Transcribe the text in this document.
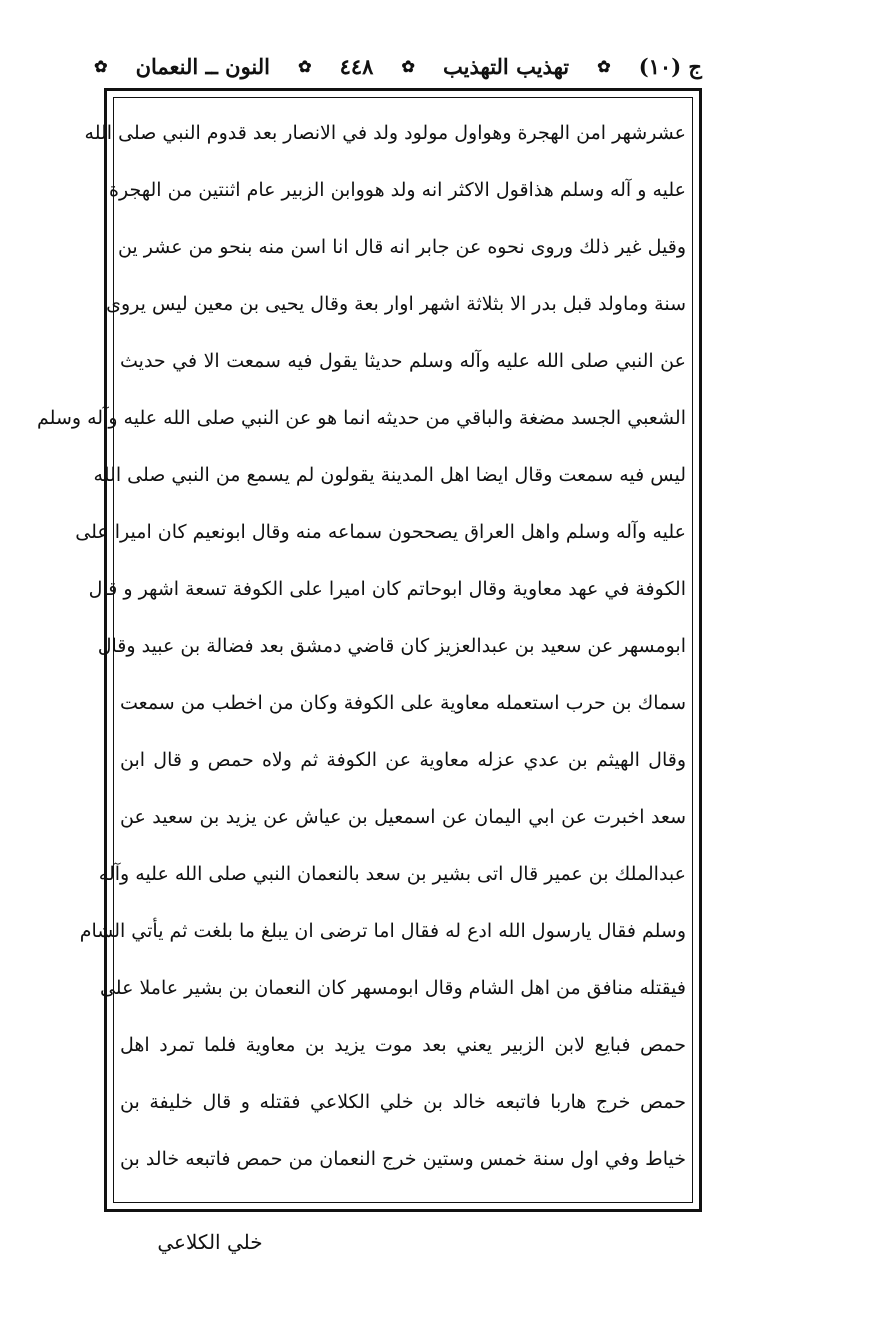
ج (١٠)
✿
تهذيب التهذيب
✿
٤٤٨
✿
النون ــ النعمان
✿
عشرشهر امن الهجرة وهواول مولود ولد في الانصار بعد قدوم النبي صلى الله
عليه و آله وسلم هذاقول الاكثر انه ولد هووابن الزبير عام اثنتين من الهجرة
وقيل غير ذلك وروى نحوه عن جابر انه قال انا اسن منه بنحو من عشر ين
سنة وماولد قبل بدر الا بثلاثة اشهر اوار بعة وقال يحيى بن معين ليس يروى
عن النبي صلى الله عليه وآله وسلم حديثا يقول فيه سمعت الا في حديث
الشعبي الجسد مضغة والباقي من حديثه انما هو عن النبي صلى الله عليه وآله وسلم
ليس فيه سمعت وقال ايضا اهل المدينة يقولون لم يسمع من النبي صلى الله
عليه وآله وسلم واهل العراق يصححون سماعه منه وقال ابونعيم كان اميرا على
الكوفة في عهد معاوية وقال ابوحاتم كان اميرا على الكوفة تسعة اشهر و قال
ابومسهر عن سعيد بن عبدالعزيز كان قاضي دمشق بعد فضالة بن عبيد وقال
سماك بن حرب استعمله معاوية على الكوفة وكان من اخطب من سمعت
وقال الهيثم بن عدي عزله معاوية عن الكوفة ثم ولاه حمص و قال ابن
سعد اخبرت عن ابي اليمان عن اسمعيل بن عياش عن يزيد بن سعيد عن
عبدالملك بن عمير قال اتى بشير بن سعد بالنعمان النبي صلى الله عليه وآله
وسلم فقال يارسول الله ادع له فقال اما ترضى ان يبلغ ما بلغت ثم يأتي الشام
فيقتله منافق من اهل الشام وقال ابومسهر كان النعمان بن بشير عاملا على
حمص فبايع لابن الزبير يعني بعد موت يزيد بن معاوية فلما تمرد اهل
حمص خرج هاربا فاتبعه خالد بن خلي الكلاعي فقتله و قال خليفة بن
خياط وفي اول سنة خمس وستين خرج النعمان من حمص فاتبعه خالد بن
خلي الكلاعي
